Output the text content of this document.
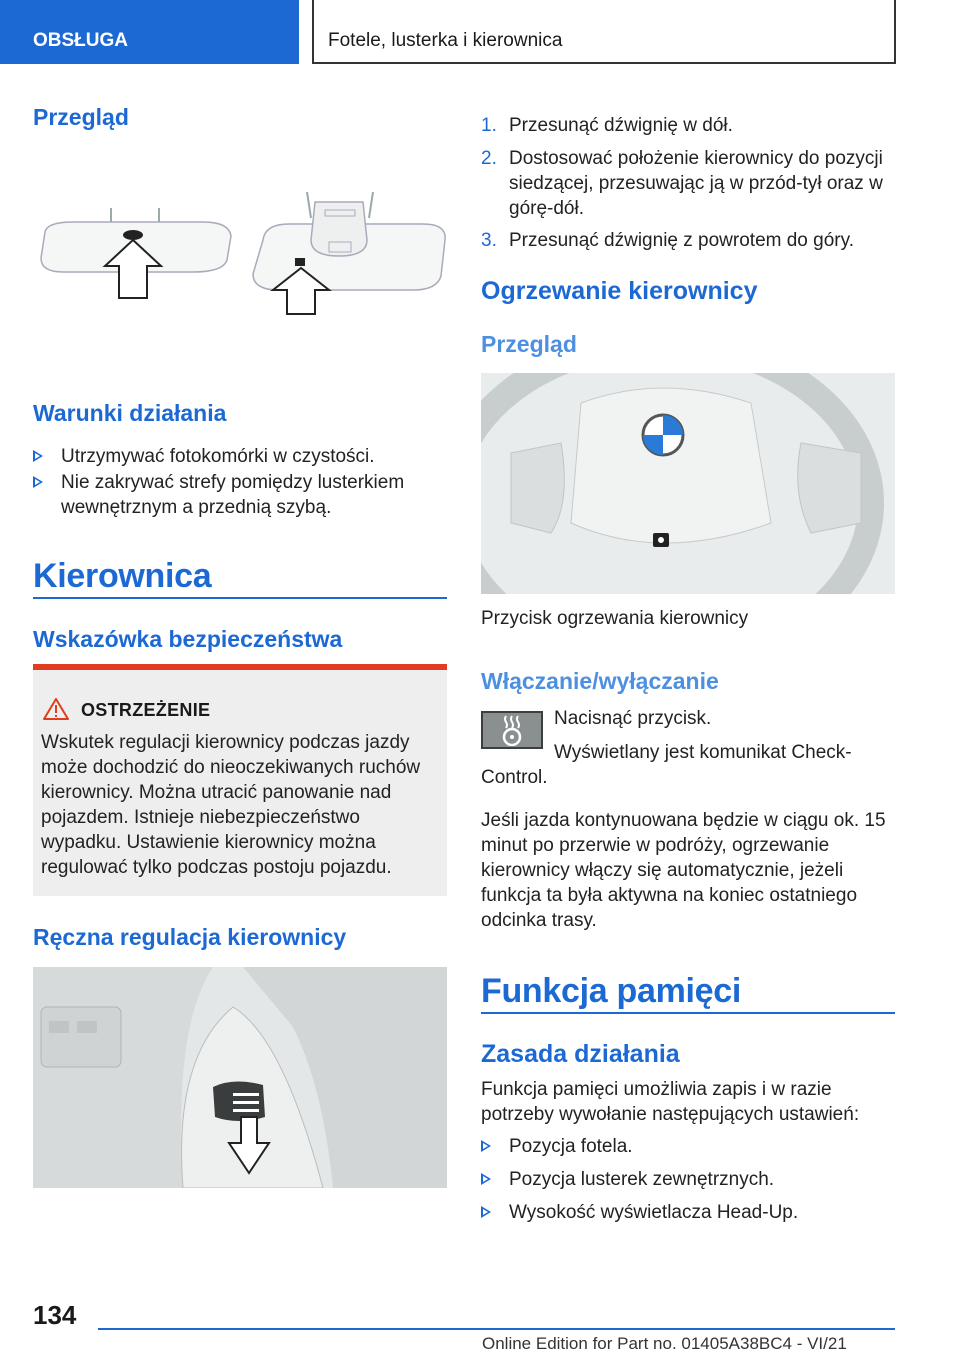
OBSŁUGA	Fotele, lusterka i kierownica
Przegląd
Warunki działania
Utrzymywać fotokomórki w czystości.
Nie zakrywać strefy pomiędzy lusterkiem wewnętrznym a przednią szybą.
Kierownica
Wskazówka bezpieczeństwa
OSTRZEŻENIE
Wskutek regulacji kierownicy podczas jazdy może dochodzić do nieoczekiwanych ruchów kierownicy. Można utracić panowanie nad pojazdem. Istnieje niebezpieczeństwo wypadku. Ustawienie kierownicy można regulować tylko podczas postoju pojazdu.
Ręczna regulacja kierownicy
1. Przesunąć dźwignię w dół.
2. Dostosować położenie kierownicy do pozycji siedzącej, przesuwając ją w przód-tył oraz w górę-dół.
3. Przesunąć dźwignię z powrotem do góry.
Ogrzewanie kierownicy
Przegląd
Przycisk ogrzewania kierownicy
Włączanie/wyłączanie
Nacisnąć przycisk.
Wyświetlany jest komunikat Check-Control.
Jeśli jazda kontynuowana będzie w ciągu ok. 15 minut po przerwie w podróży, ogrzewanie kierownicy włączy się automatycznie, jeżeli funkcja ta była aktywna na koniec ostatniego odcinka trasy.
Funkcja pamięci
Zasada działania
Funkcja pamięci umożliwia zapis i w razie potrzeby wywołanie następujących ustawień:
Pozycja fotela.
Pozycja lusterek zewnętrznych.
Wysokość wyświetlacza Head-Up.
134
Online Edition for Part no. 01405A38BC4 - VI/21
